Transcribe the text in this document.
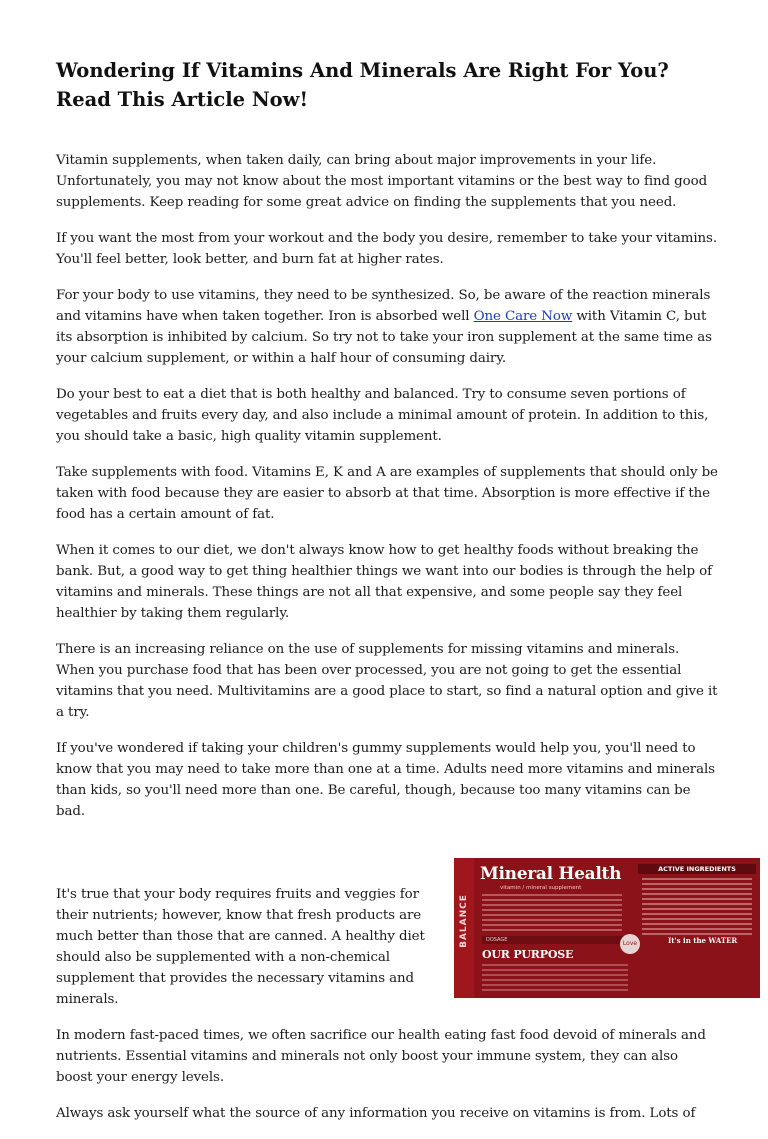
Wondering If Vitamins And Minerals Are Right For You?
Read This Article Now!

Vitamin supplements, when taken daily, can bring about major improvements in your life. Unfortunately, you may not know about the most important vitamins or the best way to find good supplements. Keep reading for some great advice on finding the supplements that you need.

If you want the most from your workout and the body you desire, remember to take your vitamins. You'll feel better, look better, and burn fat at higher rates.

For your body to use vitamins, they need to be synthesized. So, be aware of the reaction minerals and vitamins have when taken together. Iron is absorbed well One Care Now with Vitamin C, but its absorption is inhibited by calcium. So try not to take your iron supplement at the same time as your calcium supplement, or within a half hour of consuming dairy.

Do your best to eat a diet that is both healthy and balanced. Try to consume seven portions of vegetables and fruits every day, and also include a minimal amount of protein. In addition to this, you should take a basic, high quality vitamin supplement.

Take supplements with food. Vitamins E, K and A are examples of supplements that should only be taken with food because they are easier to absorb at that time. Absorption is more effective if the food has a certain amount of fat.

When it comes to our diet, we don't always know how to get healthy foods without breaking the bank. But, a good way to get thing healthier things we want into our bodies is through the help of vitamins and minerals. These things are not all that expensive, and some people say they feel healthier by taking them regularly.

There is an increasing reliance on the use of supplements for missing vitamins and minerals. When you purchase food that has been over processed, you are not going to get the essential vitamins that you need. Multivitamins are a good place to start, so find a natural option and give it a try.

If you've wondered if taking your children's gummy supplements would help you, you'll need to know that you may need to take more than one at a time. Adults need more vitamins and minerals than kids, so you'll need more than one. Be careful, though, because too many vitamins can be bad.

BALANCE
Mineral Health
vitamin / mineral supplement
DOSAGE
OUR PURPOSE
ACTIVE INGREDIENTS
It's in the WATER
Love

It's true that your body requires fruits and veggies for their nutrients; however, know that fresh products are much better than those that are canned. A healthy diet should also be supplemented with a non-chemical supplement that provides the necessary vitamins and minerals.

In modern fast-paced times, we often sacrifice our health eating fast food devoid of minerals and nutrients. Essential vitamins and minerals not only boost your immune system, they can also boost your energy levels.

Always ask yourself what the source of any information you receive on vitamins is from. Lots of
